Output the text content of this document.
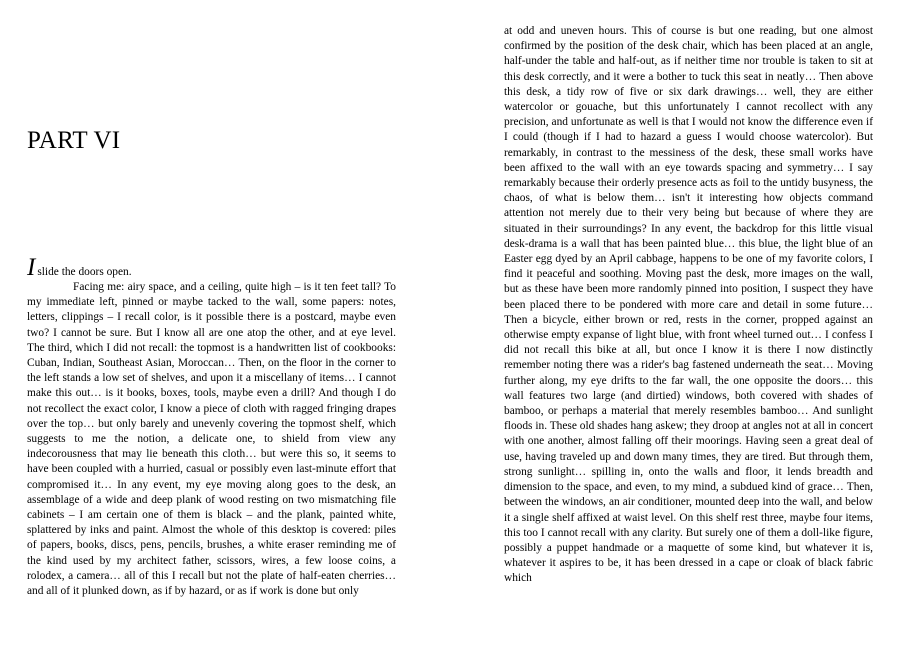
PART VI

Islide the doors open.

Facing me: airy space, and a ceiling, quite high – is it ten feet tall? To my immediate left, pinned or maybe tacked to the wall, some papers: notes, letters, clippings – I recall color, is it possible there is a postcard, maybe even two? I cannot be sure. But I know all are one atop the other, and at eye level. The third, which I did not recall: the topmost is a handwritten list of cookbooks: Cuban, Indian, Southeast Asian, Moroccan… Then, on the floor in the corner to the left stands a low set of shelves, and upon it a miscellany of items… I cannot make this out… is it books, boxes, tools, maybe even a drill? And though I do not recollect the exact color, I know a piece of cloth with ragged fringing drapes over the top… but only barely and unevenly covering the topmost shelf, which suggests to me the notion, a delicate one, to shield from view any indecorousness that may lie beneath this cloth… but were this so, it seems to have been coupled with a hurried, casual or possibly even last-minute effort that compromised it… In any event, my eye moving along goes to the desk, an assemblage of a wide and deep plank of wood resting on two mismatching file cabinets – I am certain one of them is black – and the plank, painted white, splattered by inks and paint. Almost the whole of this desktop is covered: piles of papers, books, discs, pens, pencils, brushes, a white eraser reminding me of the kind used by my architect father, scissors, wires, a few loose coins, a rolodex, a camera… all of this I recall but not the plate of half-eaten cherries… and all of it plunked down, as if by hazard, or as if work is done but only

at odd and uneven hours. This of course is but one reading, but one almost confirmed by the position of the desk chair, which has been placed at an angle, half-under the table and half-out, as if neither time nor trouble is taken to sit at this desk correctly, and it were a bother to tuck this seat in neatly… Then above this desk, a tidy row of five or six dark drawings… well, they are either watercolor or gouache, but this unfortunately I cannot recollect with any precision, and unfortunate as well is that I would not know the difference even if I could (though if I had to hazard a guess I would choose watercolor). But remarkably, in contrast to the messiness of the desk, these small works have been affixed to the wall with an eye towards spacing and symmetry… I say remarkably because their orderly presence acts as foil to the untidy busyness, the chaos, of what is below them… isn't it interesting how objects command attention not merely due to their very being but because of where they are situated in their surroundings? In any event, the backdrop for this little visual desk-drama is a wall that has been painted blue… this blue, the light blue of an Easter egg dyed by an April cabbage, happens to be one of my favorite colors, I find it peaceful and soothing. Moving past the desk, more images on the wall, but as these have been more randomly pinned into position, I suspect they have been placed there to be pondered with more care and detail in some future… Then a bicycle, either brown or red, rests in the corner, propped against an otherwise empty expanse of light blue, with front wheel turned out… I confess I did not recall this bike at all, but once I know it is there I now distinctly remember noting there was a rider's bag fastened underneath the seat… Moving further along, my eye drifts to the far wall, the one opposite the doors… this wall features two large (and dirtied) windows, both covered with shades of bamboo, or perhaps a material that merely resembles bamboo… And sunlight floods in. These old shades hang askew; they droop at angles not at all in concert with one another, almost falling off their moorings. Having seen a great deal of use, having traveled up and down many times, they are tired. But through them, strong sunlight… spilling in, onto the walls and floor, it lends breadth and dimension to the space, and even, to my mind, a subdued kind of grace… Then, between the windows, an air conditioner, mounted deep into the wall, and below it a single shelf affixed at waist level. On this shelf rest three, maybe four items, this too I cannot recall with any clarity. But surely one of them a doll-like figure, possibly a puppet handmade or a maquette of some kind, but whatever it is, whatever it aspires to be, it has been dressed in a cape or cloak of black fabric which
